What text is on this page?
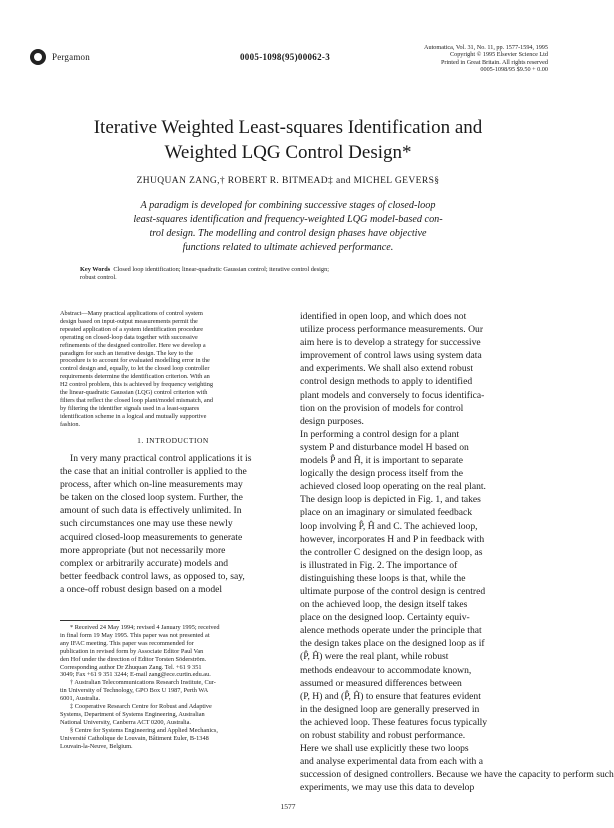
Pergamon	0005-1098(95)00062-3
Automatica, Vol. 31, No. 11, pp. 1577-1594, 1995
Copyright © 1995 Elsevier Science Ltd
Printed in Great Britain. All rights reserved
0005-1098/95 $9.50 + 0.00
Iterative Weighted Least-squares Identification and
Weighted LQG Control Design*
ZHUQUAN ZANG,† ROBERT R. BITMEAD‡ and MICHEL GEVERS§
A paradigm is developed for combining successive stages of closed-loop
least-squares identification and frequency-weighted LQG model-based con-
trol design. The modelling and control design phases have objective
functions related to ultimate achieved performance.
Key Words Closed loop identification; linear-quadratic Gaussian control; iterative control design;
robust control.
Abstract—Many practical applications of control system
design based on input-output measurements permit the
repeated application of a system identification procedure
operating on closed-loop data together with successive
refinements of the designed controller. Here we develop a
paradigm for such an iterative design. The key to the
procedure is to account for evaluated modelling error in the
control design and, equally, to let the closed loop controller
requirements determine the identification criterion. With an
H2 control problem, this is achieved by frequency weighting
the linear-quadratic Gaussian (LQG) control criterion with
filters that reflect the closed loop plant/model mismatch, and
by filtering the identifier signals used in a least-squares
identification scheme in a logical and mutually supportive
fashion.
1. INTRODUCTION
In very many practical control applications it is
the case that an initial controller is applied to the
process, after which on-line measurements may
be taken on the closed loop system. Further, the
amount of such data is effectively unlimited. In
such circumstances one may use these newly
acquired closed-loop measurements to generate
more appropriate (but not necessarily more
complex or arbitrarily accurate) models and
better feedback control laws, as opposed to, say,
a once-off robust design based on a model
* Received 24 May 1994; revised 4 January 1995; received
in final form 19 May 1995. This paper was not presented at
any IFAC meeting. This paper was recommended for
publication in revised form by Associate Editor Paul Van
den Hof under the direction of Editor Torsten Söderström.
Corresponding author Dr Zhuquan Zang. Tel. +61 9 351
3049; Fax +61 9 351 3244; E-mail zang@ece.curtin.edu.au.
† Australian Telecommunications Research Institute, Cur-
tin University of Technology, GPO Box U 1987, Perth WA
6001, Australia.
‡ Cooperative Research Centre for Robust and Adaptive
Systems, Department of Systems Engineering, Australian
National University, Canberra ACT 0200, Australia.
§ Centre for Systems Engineering and Applied Mechanics,
Université Catholique de Louvain, Bâtiment Euler, B-1348
Louvain-la-Neuve, Belgium.
identified in open loop, and which does not
utilize process performance measurements. Our
aim here is to develop a strategy for successive
improvement of control laws using system data
and experiments. We shall also extend robust
control design methods to apply to identified
plant models and conversely to focus identifica-
tion on the provision of models for control
design purposes.
In performing a control design for a plant
system P and disturbance model H based on
models P̂ and Ĥ, it is important to separate
logically the design process itself from the
achieved closed loop operating on the real plant.
The design loop is depicted in Fig. 1, and takes
place on an imaginary or simulated feedback
loop involving P̂, Ĥ and C. The achieved loop,
however, incorporates H and P in feedback with
the controller C designed on the design loop, as
is illustrated in Fig. 2. The importance of
distinguishing these loops is that, while the
ultimate purpose of the control design is centred
on the achieved loop, the design itself takes
place on the designed loop. Certainty equiv-
alence methods operate under the principle that
the design takes place on the designed loop as if
(P̂, Ĥ) were the real plant, while robust
methods endeavour to accommodate known,
assumed or measured differences between
(P, H) and (P̂, Ĥ) to ensure that features evident
in the designed loop are generally preserved in
the achieved loop. These features focus typically
on robust stability and robust performance.
Here we shall use explicitly these two loops
and analyse experimental data from each with a
succession of designed controllers. Because we have the capacity to perform such
experiments, we may use this data to develop
1577
